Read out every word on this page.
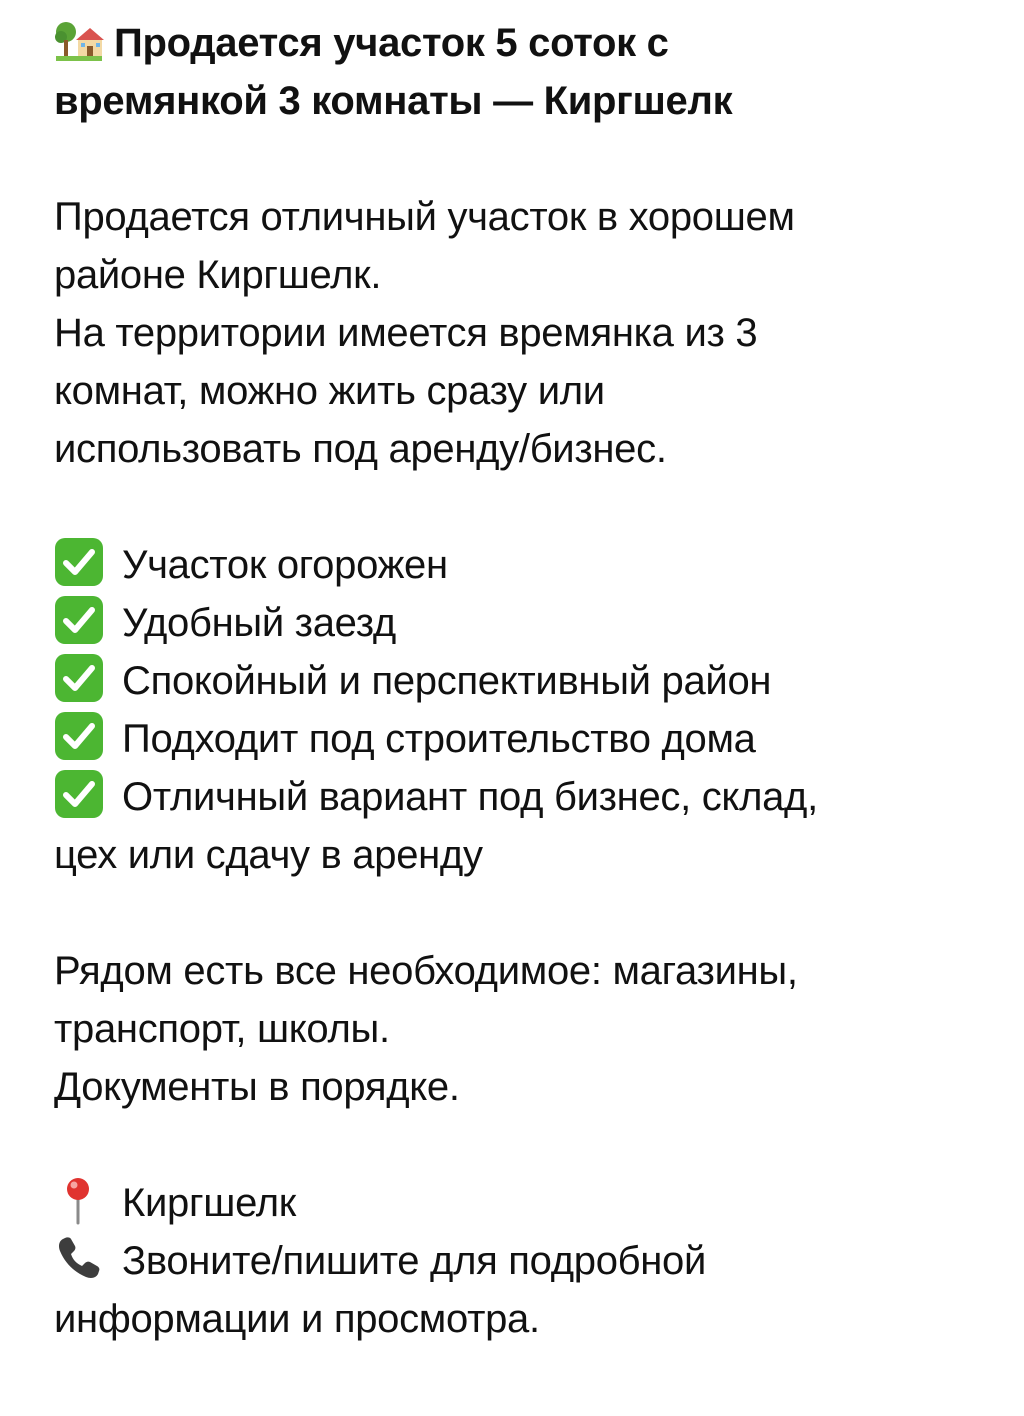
Продается участок 5 соток с
времянкой 3 комнаты — Киргшелк

Продается отличный участок в хорошем
районе Киргшелк.
На территории имеется времянка из 3
комнат, можно жить сразу или
использовать под аренду/бизнес.

Участок огорожен
Удобный заезд
Спокойный и перспективный район
Подходит под строительство дома
Отличный вариант под бизнес, склад,
цех или сдачу в аренду

Рядом есть все необходимое: магазины,
транспорт, школы.
Документы в порядке.

Киргшелк
Звоните/пишите для подробной
информации и просмотра.
